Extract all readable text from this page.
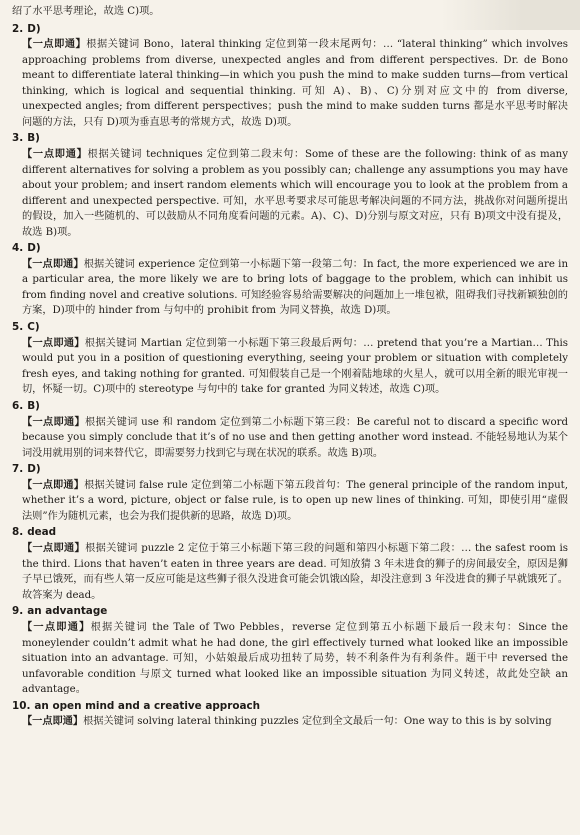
绍了水平思考理论，故选 C)项。

2. D)

【一点即通】根据关键词 Bono，lateral thinking 定位到第一段末尾两句：… “lateral thinking” which involves approaching problems from diverse, unexpected angles and from different perspectives. Dr. de Bono meant to differentiate lateral thinking—in which you push the mind to make sudden turns—from vertical thinking, which is logical and sequential thinking. 可知 A)、B)、C)分别对应文中的 from diverse, unexpected angles; from different perspectives；push the mind to make sudden turns 都是水平思考时解决问题的方法，只有 D)项为垂直思考的常规方式，故选 D)项。

3. B)

【一点即通】根据关键词 techniques 定位到第二段末句：Some of these are the following: think of as many different alternatives for solving a problem as you possibly can; challenge any assumptions you may have about your problem; and insert random elements which will encourage you to look at the problem from a different and unexpected perspective. 可知，水平思考要求尽可能思考解决问题的不同方法，挑战你对问题所提出的假设，加入一些随机的、可以鼓励从不同角度看问题的元素。A)、C)、D)分别与原文对应，只有 B)项文中没有提及，故选 B)项。

4. D)

【一点即通】根据关键词 experience 定位到第一小标题下第一段第二句：In fact, the more experienced we are in a particular area, the more likely we are to bring lots of baggage to the problem, which can inhibit us from finding novel and creative solutions. 可知经验容易给需要解决的问题加上一堆包袱，阻碍我们寻找新颖独创的方案，D)项中的 hinder from 与句中的 prohibit from 为同义替换，故选 D)项。

5. C)

【一点即通】根据关键词 Martian 定位到第一小标题下第三段最后两句：… pretend that you’re a Martian… This would put you in a position of questioning everything, seeing your problem or situation with completely fresh eyes, and taking nothing for granted. 可知假装自己是一个刚着陆地球的火星人，就可以用全新的眼光审视一切，怀疑一切。C)项中的 stereotype 与句中的 take for granted 为同义转述，故选 C)项。

6. B)

【一点即通】根据关键词 use 和 random 定位到第二小标题下第三段：Be careful not to discard a specific word because you simply conclude that it’s of no use and then getting another word instead. 不能轻易地认为某个词没用就用别的词来替代它，即需要努力找到它与现在状况的联系。故选 B)项。

7. D)

【一点即通】根据关键词 false rule 定位到第二小标题下第五段首句：The general principle of the random input, whether it’s a word, picture, object or false rule, is to open up new lines of thinking. 可知，即使引用“虚假法则”作为随机元素，也会为我们提供新的思路，故选 D)项。

8. dead

【一点即通】根据关键词 puzzle 2 定位于第三小标题下第三段的问题和第四小标题下第二段：… the safest room is the third. Lions that haven’t eaten in three years are dead. 可知放猜 3 年未进食的狮子的房间最安全，原因是狮子早已饿死，而有些人第一反应可能是这些狮子很久没进食可能会饥饿凶险，却没注意到 3 年没进食的狮子早就饿死了。故答案为 dead。

9. an advantage

【一点即通】根据关键词 the Tale of Two Pebbles，reverse 定位到第五小标题下最后一段末句：Since the moneylender couldn’t admit what he had done, the girl effectively turned what looked like an impossible situation into an advantage. 可知，小姑娘最后成功扭转了局势，转不利条件为有利条件。题干中 reversed the unfavorable condition 与原文 turned what looked like an impossible situation 为同义转述，故此处空缺 an advantage。

10. an open mind and a creative approach

【一点即通】根据关键词 solving lateral thinking puzzles 定位到全文最后一句：One way to this is by solving
